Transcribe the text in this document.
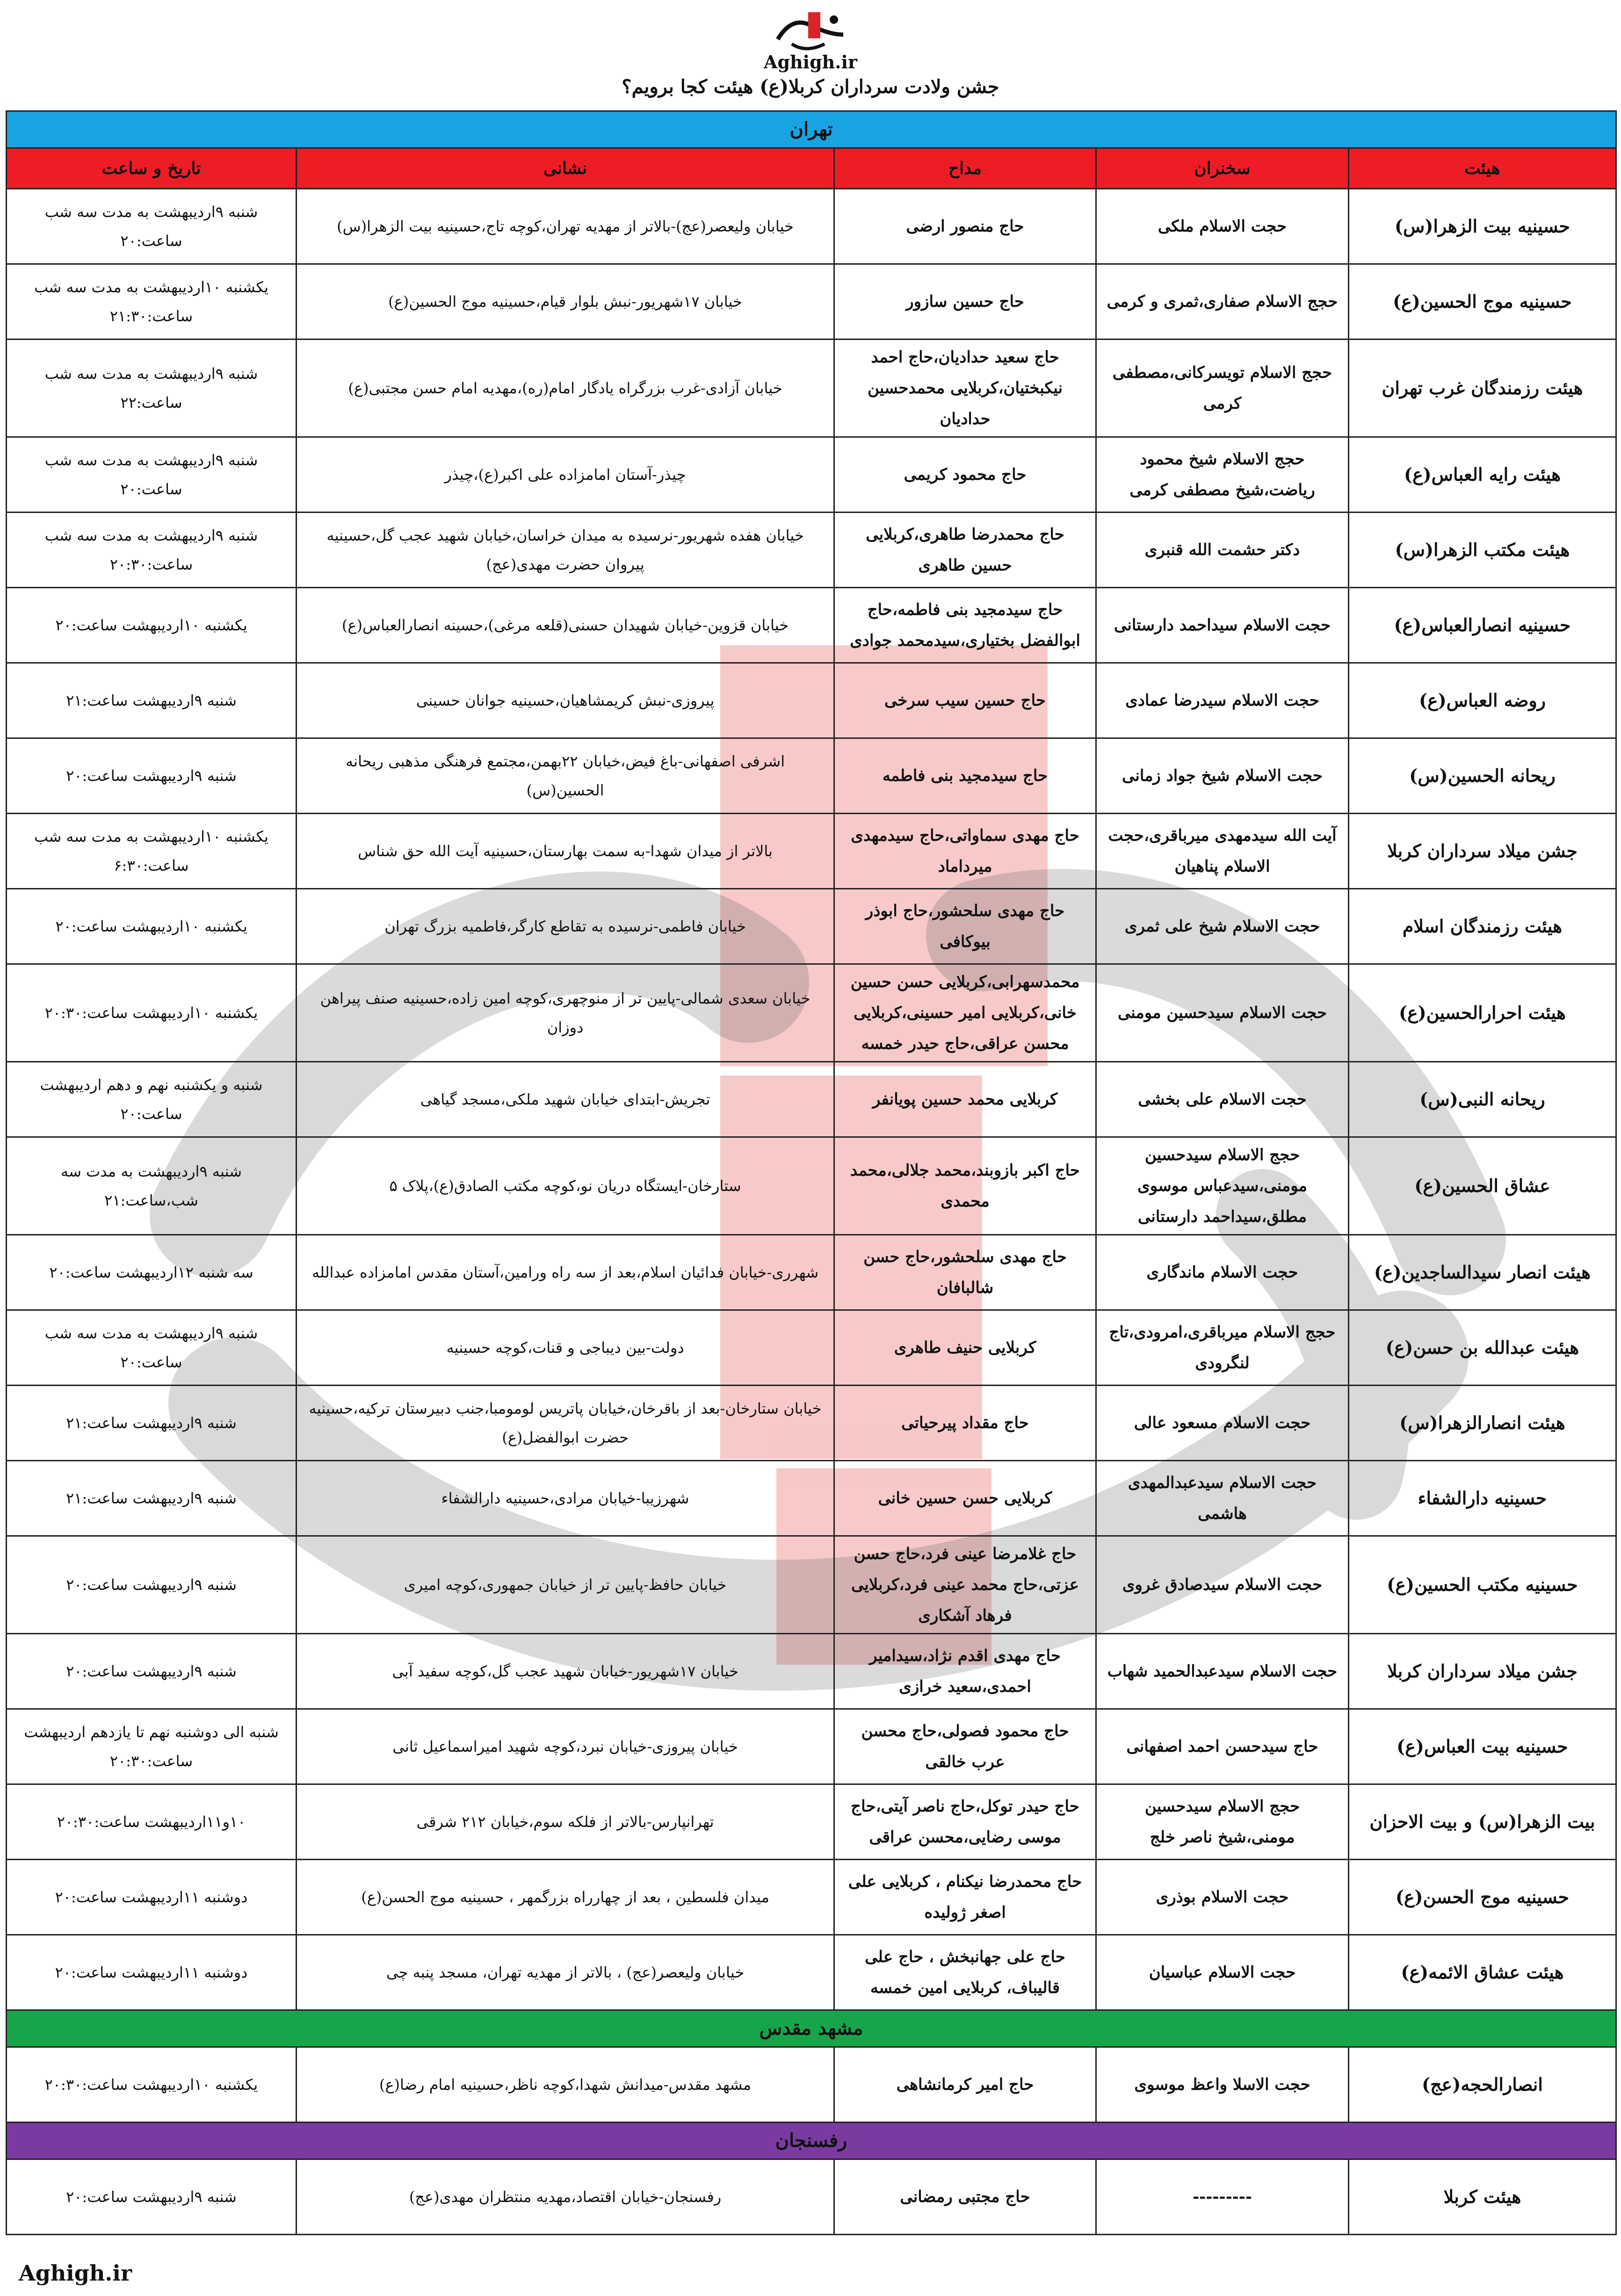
Aghigh.ir
جشن ولادت سرداران کربلا(ع) هیئت کجا برویم؟
تهران				
هیئت	سخنران	مداح	نشانی	تاریخ و ساعت
حسینیه بیت الزهرا(س)	حجت الاسلام ملکی	حاج منصور ارضی	خیابان ولیعصر(عج)-بالاتر از مهدیه تهران،کوچه تاج،حسینیه بیت الزهرا(س)	شنبه ۹اردیبهشت به مدت سه شب ساعت:۲۰
حسینیه موج الحسین(ع)	حجج الاسلام صفاری،ثمری و کرمی	حاج حسین سازور	خیابان ۱۷شهریور-نبش بلوار قیام،حسینیه موج الحسین(ع)	یکشنبه ۱۰اردیبهشت به مدت سه شب ساعت:۲۱:۳۰
هیئت رزمندگان غرب تهران	حجج الاسلام تویسرکانی،مصطفی کرمی	حاج سعید حدادیان،حاج احمد نیکبختیان،کربلایی محمدحسین حدادیان	خیابان آزادی-غرب بزرگراه یادگار امام(ره)،مهدیه امام حسن مجتبی(ع)	شنبه ۹اردیبهشت به مدت سه شب ساعت:۲۲
هیئت رایه العباس(ع)	حجج الاسلام شیخ محمود ریاضت،شیخ مصطفی کرمی	حاج محمود کریمی	چیذر-آستان امامزاده علی اکبر(ع)،چیذر	شنبه ۹اردیبهشت به مدت سه شب ساعت:۲۰
هیئت مکتب الزهرا(س)	دکتر حشمت الله قنبری	حاج محمدرضا طاهری،کربلایی حسین طاهری	خیابان هفده شهریور-نرسیده به میدان خراسان،خیابان شهید عجب گل،حسینیه پیروان حضرت مهدی(عج)	شنبه ۹اردیبهشت به مدت سه شب ساعت:۲۰:۳۰
حسینیه انصارالعباس(ع)	حجت الاسلام سیداحمد دارستانی	حاج سیدمجید بنی فاطمه،حاج ابوالفضل بختیاری،سیدمحمد جوادی	خیابان قزوین-خیابان شهیدان حسنی(قلعه مرغی)،حسینه انصارالعباس(ع)	یکشنبه ۱۰اردیبهشت ساعت:۲۰
روضه العباس(ع)	حجت الاسلام سیدرضا عمادی	حاج حسین سیب سرخی	پیروزی-نبش کریمشاهیان،حسینیه جوانان حسینی	شنبه ۹اردیبهشت ساعت:۲۱
ریحانه الحسین(س)	حجت الاسلام شیخ جواد زمانی	حاج سیدمجید بنی فاطمه	اشرفی اصفهانی-باغ فیض،خیابان ۲۲بهمن،مجتمع فرهنگی مذهبی ریحانه الحسین(س)	شنبه ۹اردیبهشت ساعت:۲۰
جشن میلاد سرداران کربلا	آیت الله سیدمهدی میرباقری،حجت الاسلام پناهیان	حاج مهدی سماواتی،حاج سیدمهدی میرداماد	بالاتر از میدان شهدا-به سمت بهارستان،حسینیه آیت الله حق شناس	یکشنبه ۱۰اردیبهشت به مدت سه شب ساعت:۶:۳۰
هیئت رزمندگان اسلام	حجت الاسلام شیخ علی ثمری	حاج مهدی سلحشور،حاج ابوذر بیوکافی	خیابان فاطمی-نرسیده به تقاطع کارگر،فاطمیه بزرگ تهران	یکشنبه ۱۰اردیبهشت ساعت:۲۰
هیئت احرارالحسین(ع)	حجت الاسلام سیدحسین مومنی	محمدسهرابی،کربلایی حسن حسین خانی،کربلایی امیر حسینی،کربلایی محسن عراقی،حاج حیدر خمسه	خیابان سعدی شمالی-پایین تر از منوچهری،کوچه امین زاده،حسینیه صنف پیراهن دوزان	یکشنبه ۱۰اردیبهشت ساعت:۲۰:۳۰
ریحانه النبی(س)	حجت الاسلام علی بخشی	کربلایی محمد حسین پویانفر	تجریش-ابتدای خیابان شهید ملکی،مسجد گیاهی	شنبه و یکشنبه نهم و دهم اردیبهشت ساعت:۲۰
عشاق الحسین(ع)	حجج الاسلام سیدحسین مومنی،سیدعباس موسوی مطلق،سیداحمد دارستانی	حاج اکبر بازوبند،محمد جلالی،محمد محمدی	ستارخان-ایستگاه دریان نو،کوچه مکتب الصادق(ع)،پلاک ۵	شنبه ۹اردیبهشت به مدت سه شب،ساعت:۲۱
هیئت انصار سیدالساجدین(ع)	حجت الاسلام ماندگاری	حاج مهدی سلحشور،حاج حسن شالبافان	شهرری-خیابان فدائیان اسلام،بعد از سه راه ورامین،آستان مقدس امامزاده عبدالله	سه شنبه ۱۲اردیبهشت ساعت:۲۰
هیئت عبدالله بن حسن(ع)	حجج الاسلام میرباقری،امرودی،تاج لنگرودی	کربلایی حنیف طاهری	دولت-بین دیباجی و قنات،کوچه حسینیه	شنبه ۹اردیبهشت به مدت سه شب ساعت:۲۰
هیئت انصارالزهرا(س)	حجت الاسلام مسعود عالی	حاج مقداد پیرحیاتی	خیابان ستارخان-بعد از باقرخان،خیابان پاتریس لومومبا،جنب دبیرستان ترکیه،حسینیه حضرت ابوالفضل(ع)	شنبه ۹اردیبهشت ساعت:۲۱
حسینیه دارالشفاء	حجت الاسلام سیدعبدالمهدی هاشمی	کربلایی حسن حسین خانی	شهرزیبا-خیابان مرادی،حسینیه دارالشفاء	شنبه ۹اردیبهشت ساعت:۲۱
حسینیه مکتب الحسین(ع)	حجت الاسلام سیدصادق غروی	حاج غلامرضا عینی فرد،حاج حسن عزتی،حاج محمد عینی فرد،کربلایی فرهاد آشکاری	خیابان حافظ-پایین تر از خیابان جمهوری،کوچه امیری	شنبه ۹اردیبهشت ساعت:۲۰
جشن میلاد سرداران کربلا	حجت الاسلام سیدعبدالحمید شهاب	حاج مهدی اقدم نژاد،سیدامیر احمدی،سعید خرازی	خیابان ۱۷شهریور-خیابان شهید عجب گل،کوچه سفید آبی	شنبه ۹اردیبهشت ساعت:۲۰
حسینیه بیت العباس(ع)	حاج سیدحسن احمد اصفهانی	حاج محمود فصولی،حاج محسن عرب خالقی	خیابان پیروزی-خیابان نبرد،کوچه شهید امیراسماعیل ثانی	شنبه الی دوشنبه نهم تا یازدهم اردیبهشت ساعت:۲۰:۳۰
بیت الزهرا(س) و بیت الاحزان	حجج الاسلام سیدحسین مومنی،شیخ ناصر خلج	حاج حیدر توکل،حاج ناصر آیتی،حاج موسی رضایی،محسن عراقی	تهرانپارس-بالاتر از فلکه سوم،خیابان ۲۱۲ شرقی	۱۰و۱۱اردیبهشت ساعت:۲۰:۳۰
حسینیه موج الحسن(ع)	حجت الاسلام بوذری	حاج محمدرضا نیکنام ، کربلایی علی اصغر ژولیده	میدان فلسطین ، بعد از چهارراه بزرگمهر ، حسینیه موج الحسن(ع)	دوشنبه ۱۱اردیبهشت ساعت:۲۰
هیئت عشاق الائمه(ع)	حجت الاسلام عباسیان	حاج علی جهانبخش ، حاج علی قالیباف، کربلایی امین خمسه	خیابان ولیعصر(عج) ، بالاتر از مهدیه تهران، مسجد پنبه چی	دوشنبه ۱۱اردیبهشت ساعت:۲۰
مشهد مقدس				
انصارالحجه(عج)	حجت الاسلا واعظ موسوی	حاج امیر کرمانشاهی	مشهد مقدس-میدانش شهدا،کوچه ناظر،حسینیه امام رضا(ع)	یکشنبه ۱۰اردیبهشت ساعت:۲۰:۳۰
رفسنجان				
هیئت کربلا	---------	حاج مجتبی رمضانی	رفسنجان-خیابان اقتصاد،مهدیه منتظران مهدی(عج)	شنبه ۹اردیبهشت ساعت:۲۰
Aghigh.ir
